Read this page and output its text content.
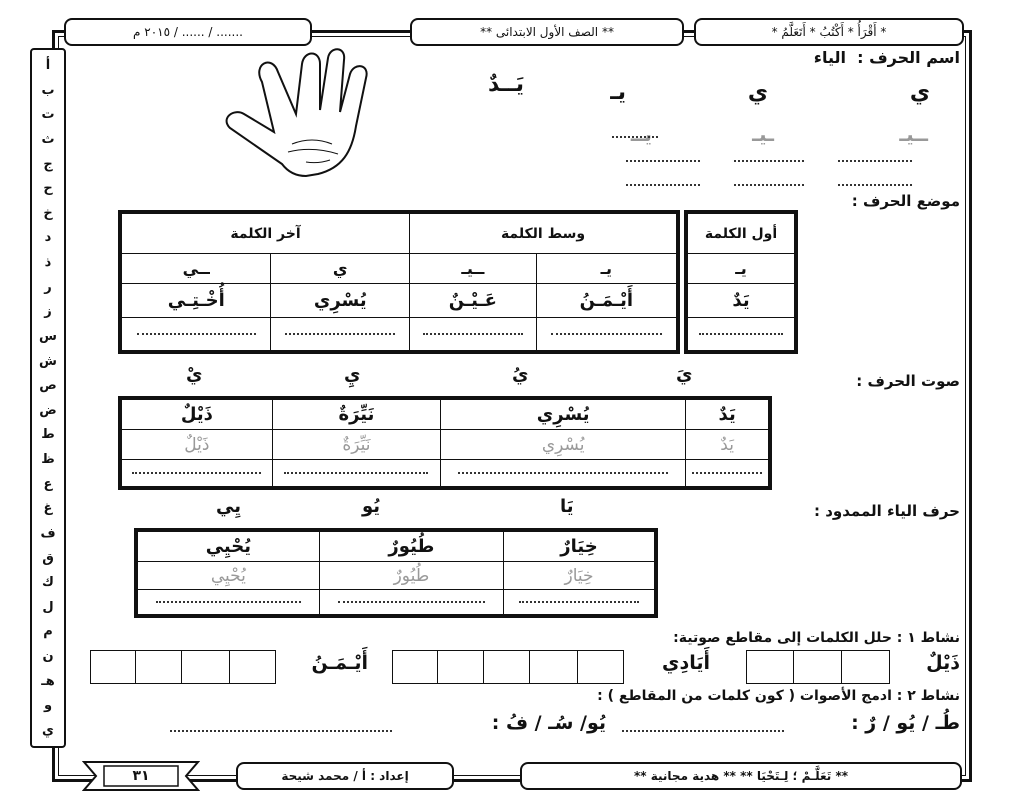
....... / ...... / ٢٠١٥ م	** الصف الأول الابتدائى **	* أَقْرَأُ * أَكْتُبُ * أَتَعَلَّمُ *
أ
ب
ت
ث
ج
ح
خ
د
ذ
ر
ز
س
ش
ص
ض
ط
ظ
ع
غ
ف
ق
ك
ل
م
ن
هـ
و
ي
اسم الحرف :
الياء
ي
ي
يـ
يَــدٌ
ــيـ
ـيـ
يــ
موضع الحرف :
وسط الكلمة		آخر الكلمة	
يـ	ــيـ	ي	ــي
أَيْـمَـنُ	عَـيْـنٌ	يُسْرِي	أُخْـتِـي

أول الكلمة
يـ
يَدٌ

صوت الحرف :
يَ
يُ
يِ
يْ
يَدٌ	يُسْرِي	نَيِّرَةٌ	ذَيْلٌ
يَدٌ	يُسْرِي	نَيِّرَةٌ	ذَيْلٌ

حرف الياء الممدود :
يَا
يُو
يِي
خِيَارٌ	طُيُورٌ	يُحْيِي
خِيَارٌ	طُيُورٌ	يُحْيِي

نشاط ١ : حلل الكلمات إلى مقاطع صوتية:
ذَيْلٌ
أَيَادِي
أَيْـمَـنُ
نشاط ٢ : ادمج الأصوات ( كون كلمات من المقاطع ) :
طُـ / يُو / رٌ :
يُو/ سُـ / فُ :
٣١	إعداد : أ / محمد شيحة	** تَعَلَّـمْ ؛ لِـتَحْيَا ** ** هدية مجانية **
